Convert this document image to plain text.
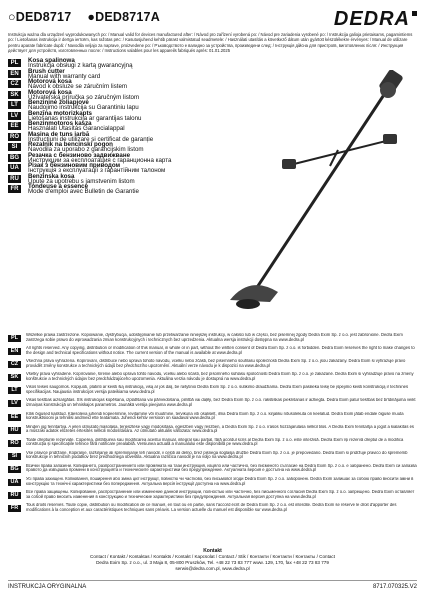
○DED8717 ●DED8717A	DEDRA
Instrukcja ważna dla urządzeń wyprodukowanych po: / Manual valid for devices manufactured after: / Návod pro zařízení vyrobená po: / Návod pre zariadenia vyrobené po: / Instrukcija galioja prietaisams, pagamintiems po: / Lietošanas instrukcija ir derīga ierīcēm, kas ražotas pēc: / Kasutusjuhend kehtib pärast valmistatud seadmetele: / Használati utasítás a következő dátum után gyártott készülékekre érvényes: / Manual de utilizare pentru aparate fabricate după: / Navodila veljajo za naprave, proizvedene po: / Ръководството е валидно за устройства, произведени след: / Інструкція дійсна для пристроїв, виготовлених після: / Инструкция действует для устройств, изготовленных после: / Instructions valables pour les appareils fabriqués après: 01.01.2025
PL	Kosa spalinowa
Instrukcja obsługi z kartą gwarancyjną
EN	Brush cutter
Manual with warranty card
CZ	Motorová kosa
Návod k obsluze se záručním listem
SK	Motorová kosa
Užívateľská príručka so záručným listom
LT	Benzininė žoliapjovė
Naudojimo instrukcija su Garantiniu lapu
LV	Benzīna motorizkapts
Lietošanas instrukcija ar garantijas talonu
EE	Benzinmotoros kasza
Használati Utasítás Garancialappal
RO	Mașina de tuns iarbă
Instrucțiuni de utilizare și certificat de garanție
SI	Rezalnik na bencinski pogon
Navodila za uporabo z garancijskim listom
BG	Резачка с бензиново задвижване
Инструкции за експлоатация с гаранционна карта
UA	Різак з бензиновим приводом
Інструкція з експлуатації з гарантійним талоном
RU	Benzinska kosa
Upute za upotrebu s jamstvenim listom
FR	Tondeuse à essence
Mode d'emploi avec Bulletin de Garantie
PL
Wszelkie prawa zastrzeżone. Kopiowanie, dystrybucja, udostępnianie lub przetwarzanie niniejszej instrukcji, w całości lub w części, bez pisemnej zgody Dedra Exim Sp. z o.o. jest zabronione. Dedra Exim zastrzega sobie prawo do wprowadzania zmian konstrukcyjnych i technicznych bez uprzedzenia. Aktualna wersja instrukcji dostępna na www.dedra.pl
EN
All rights reserved. Any copying, distribution or modification of this manual, in whole or in part, without the written consent of Dedra Exim Sp. z o.o. is forbidden. Dedra Exim reserves the right to make changes to the design and technical specifications without notice. The current version of the manual is available at www.dedra.pl
CZ
Všechna práva vyhrazena. Kopírování, distribuce nebo úprava tohoto návodu, vcelku nebo zčásti, bez písemného souhlasu společnosti Dedra Exim Sp. z o.o. jsou zakázány. Dedra Exim si vyhrazuje právo provádět změny konstrukce a technických údajů bez předchozího upozornění. Aktuální verze návodu je k dispozici na www.dedra.pl
SK
Všetky práva vyhradené. Kopírovanie, šírenie alebo úprava tohto návodu, vcelku alebo sčasti, bez písomného súhlasu spoločnosti Dedra Exim Sp. z o.o. je zakázané. Dedra Exim si vyhradzuje právo na zmeny konštrukcie a technických údajov bez predchádzajúceho upozornenia. Aktuálna verzia návodu je dostupná na www.dedra.pl
LT
Visos teisės saugomos. Kopijuoti, platinti ar keisti šią instrukciją, visą ar jos dalį, be rašytinio Dedra Exim Sp. z o.o. sutikimo draudžiama. Dedra Exim pasilieka teisę be įspėjimo keisti konstrukciją ir technines specifikacijas. Naujausia instrukcijos versija pateikiama www.dedra.pl
LV
Visas tiesības aizsargātas. Šīs instrukcijas kopēšana, izplatīšana vai pārveidošana, pilnībā vai daļēji, bez Dedra Exim Sp. z o.o. rakstiskas piekrišanas ir aizliegta. Dedra Exim patur tiesības bez brīdinājuma veikt izmaiņas konstrukcijā un tehniskajos parametros. Jaunākā versija pieejama www.dedra.pl
EE
Kõik õigused kaitstud. Käesoleva juhendi kopeerimine, levitamine või muutmine, tervikuna või osaliselt, ilma Dedra Exim Sp. z o.o. kirjaliku nõusolekuta on keelatud. Dedra Exim jätab endale õiguse muuta konstruktsiooni ja tehnilisi andmeid ette teatamata. Juhendi kehtiv versioon on saadaval www.dedra.pl
HU
Minden jog fenntartva. A jelen útmutató másolása, terjesztése vagy módosítása, egészben vagy részben, a Dedra Exim Sp. z o.o. írásos hozzájárulása nélkül tilos. A Dedra Exim fenntartja a jogot a kialakítás és a műszaki adatok előzetes értesítés nélküli módosítására. Az útmutató aktuális változata: www.dedra.pl
RO
Toate drepturile rezervate. Copierea, distribuirea sau modificarea acestui manual, integral sau parțial, fără acordul scris al Dedra Exim Sp. z o.o. este interzisă. Dedra Exim își rezervă dreptul de a modifica construcția și specificațiile tehnice fără notificare prealabilă. Versiunea actuală a manualului este disponibilă pe www.dedra.pl
SI
Vse pravice pridržane. Kopiranje, razširjanje ali spreminjanje teh navodil, v celoti ali delno, brez pisnega soglasja družbe Dedra Exim Sp. z o.o. je prepovedano. Dedra Exim si pridržuje pravico do sprememb konstrukcije in tehničnih podatkov brez predhodnega obvestila. Aktualna različica navodil je na voljo na www.dedra.pl
BG
Всички права запазени. Копирането, разпространението или промяната на тази инструкция, изцяло или частично, без писменото съгласие на Dedra Exim Sp. z o.o. е забранено. Dedra Exim си запазва правото да извършва промени в конструкцията и техническите характеристики без предупреждение. Актуалната версия е достъпна на www.dedra.pl
UA
Усі права захищені. Копіювання, поширення або зміна цієї інструкції, повністю чи частково, без письмової згоди Dedra Exim Sp. z o.o. заборонені. Dedra Exim залишає за собою право вносити зміни в конструкцію та технічні характеристики без попередження. Актуальна версія інструкції доступна на www.dedra.pl
RU
Все права защищены. Копирование, распространение или изменение данной инструкции, полностью или частично, без письменного согласия Dedra Exim Sp. z o.o. запрещено. Dedra Exim оставляет за собой право вносить изменения в конструкцию и технические характеристики без предупреждения. Актуальная версия доступна на www.dedra.pl
FR
Tous droits réservés. Toute copie, distribution ou modification de ce manuel, en tout ou en partie, sans l'accord écrit de Dedra Exim Sp. z o.o. est interdite. Dedra Exim se réserve le droit d'apporter des modifications à la conception et aux caractéristiques techniques sans préavis. La version actuelle du manuel est disponible sur www.dedra.pl
Kontakt
Contact / Kontakt / Kontaktas / Kontakts / Kontakt / Kapcsolat / Contact / Stik / Контакти / Контакти / Контакты / Contact
Dedra Exim Sp. z o.o., ul. 3 Maja 8, 05-800 Pruszków, Tel. +48 22 73 83 777 www. 129, 170, fax +48 22 73 83 779
serwis@dedra.com.pl, www.dedra.pl
INSTRUKCJA ORYGINALNA	8717.070325.V2
